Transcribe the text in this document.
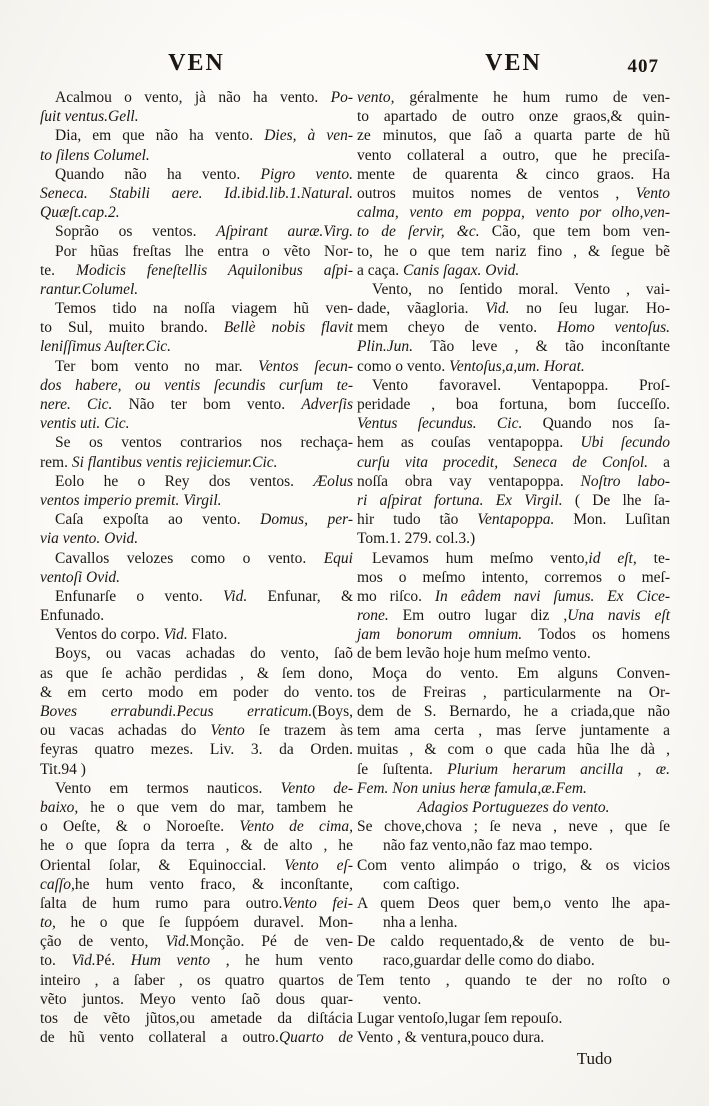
VEN	VEN	407
Acalmou o vento, jà não ha vento. Po-
ſuit ventus.Gell.
Dia, em que não ha vento. Dies, à ven-
to ſilens Columel.
Quando não ha vento. Pigro vento.
Seneca. Stabili aere. Id.ibid.lib.1.Natural.
Quæſt.cap.2.
Soprão os ventos. Aſpirant auræ.Virg.
Por hũas freſtas lhe entra o vẽto Nor-
te. Modicis feneſtellis Aquilonibus aſpi-
rantur.Columel.
Temos tido na noſſa viagem hũ ven-
to Sul, muito brando. Bellè nobis flavit
leniſſimus Auſter.Cic.
Ter bom vento no mar. Ventos ſecun-
dos habere, ou ventis ſecundis curſum te-
nere. Cic. Não ter bom vento. Adverſis
ventis uti. Cic.
Se os ventos contrarios nos rechaça-
rem. Si flantibus ventis rejiciemur.Cic.
Eolo he o Rey dos ventos. Æolus
ventos imperio premit. Virgil.
Caſa expoſta ao vento. Domus, per-
via vento. Ovid.
Cavallos velozes como o vento. Equi
ventoſi Ovid.
Enfunarſe o vento. Vid. Enfunar, &
Enfunado.
Ventos do corpo. Vid. Flato.
Boys, ou vacas achadas do vento, ſaõ
as que ſe achão perdidas , & ſem dono,
& em certo modo em poder do vento.
Boves errabundi.Pecus erraticum.(Boys,
ou vacas achadas do Vento ſe trazem às
feyras quatro mezes. Liv. 3. da Orden.
Tit.94 )
Vento em termos nauticos. Vento de-
baixo, he o que vem do mar, tambem he
o Oeſte, & o Noroeſte. Vento de cima,
he o que ſopra da terra , & de alto , he
Oriental ſolar, & Equinoccial. Vento eſ-
caſſo,he hum vento fraco, & inconſtante,
ſalta de hum rumo para outro.Vento fei-
to, he o que ſe ſuppóem duravel. Mon-
ção de vento, Vid.Monção. Pé de ven-
to. Vid.Pé. Hum vento , he hum vento
inteiro , a ſaber , os quatro quartos de
vẽto juntos. Meyo vento ſaõ dous quar-
tos de vẽto jũtos,ou ametade da diſtácia
de hũ vento collateral a outro.Quarto de
vento, géralmente he hum rumo de ven-
to apartado de outro onze graos,& quin-
ze minutos, que ſaõ a quarta parte de hũ
vento collateral a outro, que he preciſa-
mente de quarenta & cinco graos. Ha
outros muitos nomes de ventos , Vento
calma, vento em poppa, vento por olho,ven-
to de ſervir, &c. Cão, que tem bom ven-
to, he o que tem nariz fino , & ſegue bẽ
a caça. Canis ſagax. Ovid.
Vento, no ſentido moral. Vento , vai-
dade, vãagloria. Vid. no ſeu lugar. Ho-
mem cheyo de vento. Homo ventoſus.
Plin.Jun. Tão leve , & tão inconſtante
como o vento. Ventoſus,a,um. Horat.
Vento favoravel. Ventapoppa. Proſ-
peridade , boa fortuna, bom ſucceſſo.
Ventus ſecundus. Cic. Quando nos ſa-
hem as couſas ventapoppa. Ubi ſecundo
curſu vita procedit, Seneca de Conſol. a
noſſa obra vay ventapoppa. Noſtro labo-
ri aſpirat fortuna. Ex Virgil. ( De lhe ſa-
hir tudo tão Ventapoppa. Mon. Luſitan
Tom.1. 279. col.3.)
Levamos hum meſmo vento,id eſt, te-
mos o meſmo intento, corremos o meſ-
mo riſco. In eâdem navi ſumus. Ex Cice-
rone. Em outro lugar diz ,Una navis eſt
jam bonorum omnium. Todos os homens
de bem levão hoje hum meſmo vento.
Moça do vento. Em alguns Conven-
tos de Freiras , particularmente na Or-
dem de S. Bernardo, he a criada,que não
tem ama certa , mas ſerve juntamente a
muitas , & com o que cada hũa lhe dà ,
ſe ſuſtenta. Plurium herarum ancilla , æ.
Fem. Non unius heræ famula,æ.Fem.
Adagios Portuguezes do vento.
Se chove,chova ; ſe neva , neve , que ſe
não faz vento,não faz mao tempo.
Com vento alimpáo o trigo, & os vicios
com caſtigo.
A quem Deos quer bem,o vento lhe apa-
nha a lenha.
De caldo requentado,& de vento de bu-
raco,guardar delle como do diabo.
Tem tento , quando te der no roſto o
vento.
Lugar ventoſo,lugar ſem repouſo.
Vento , & ventura,pouco dura.
Tudo
